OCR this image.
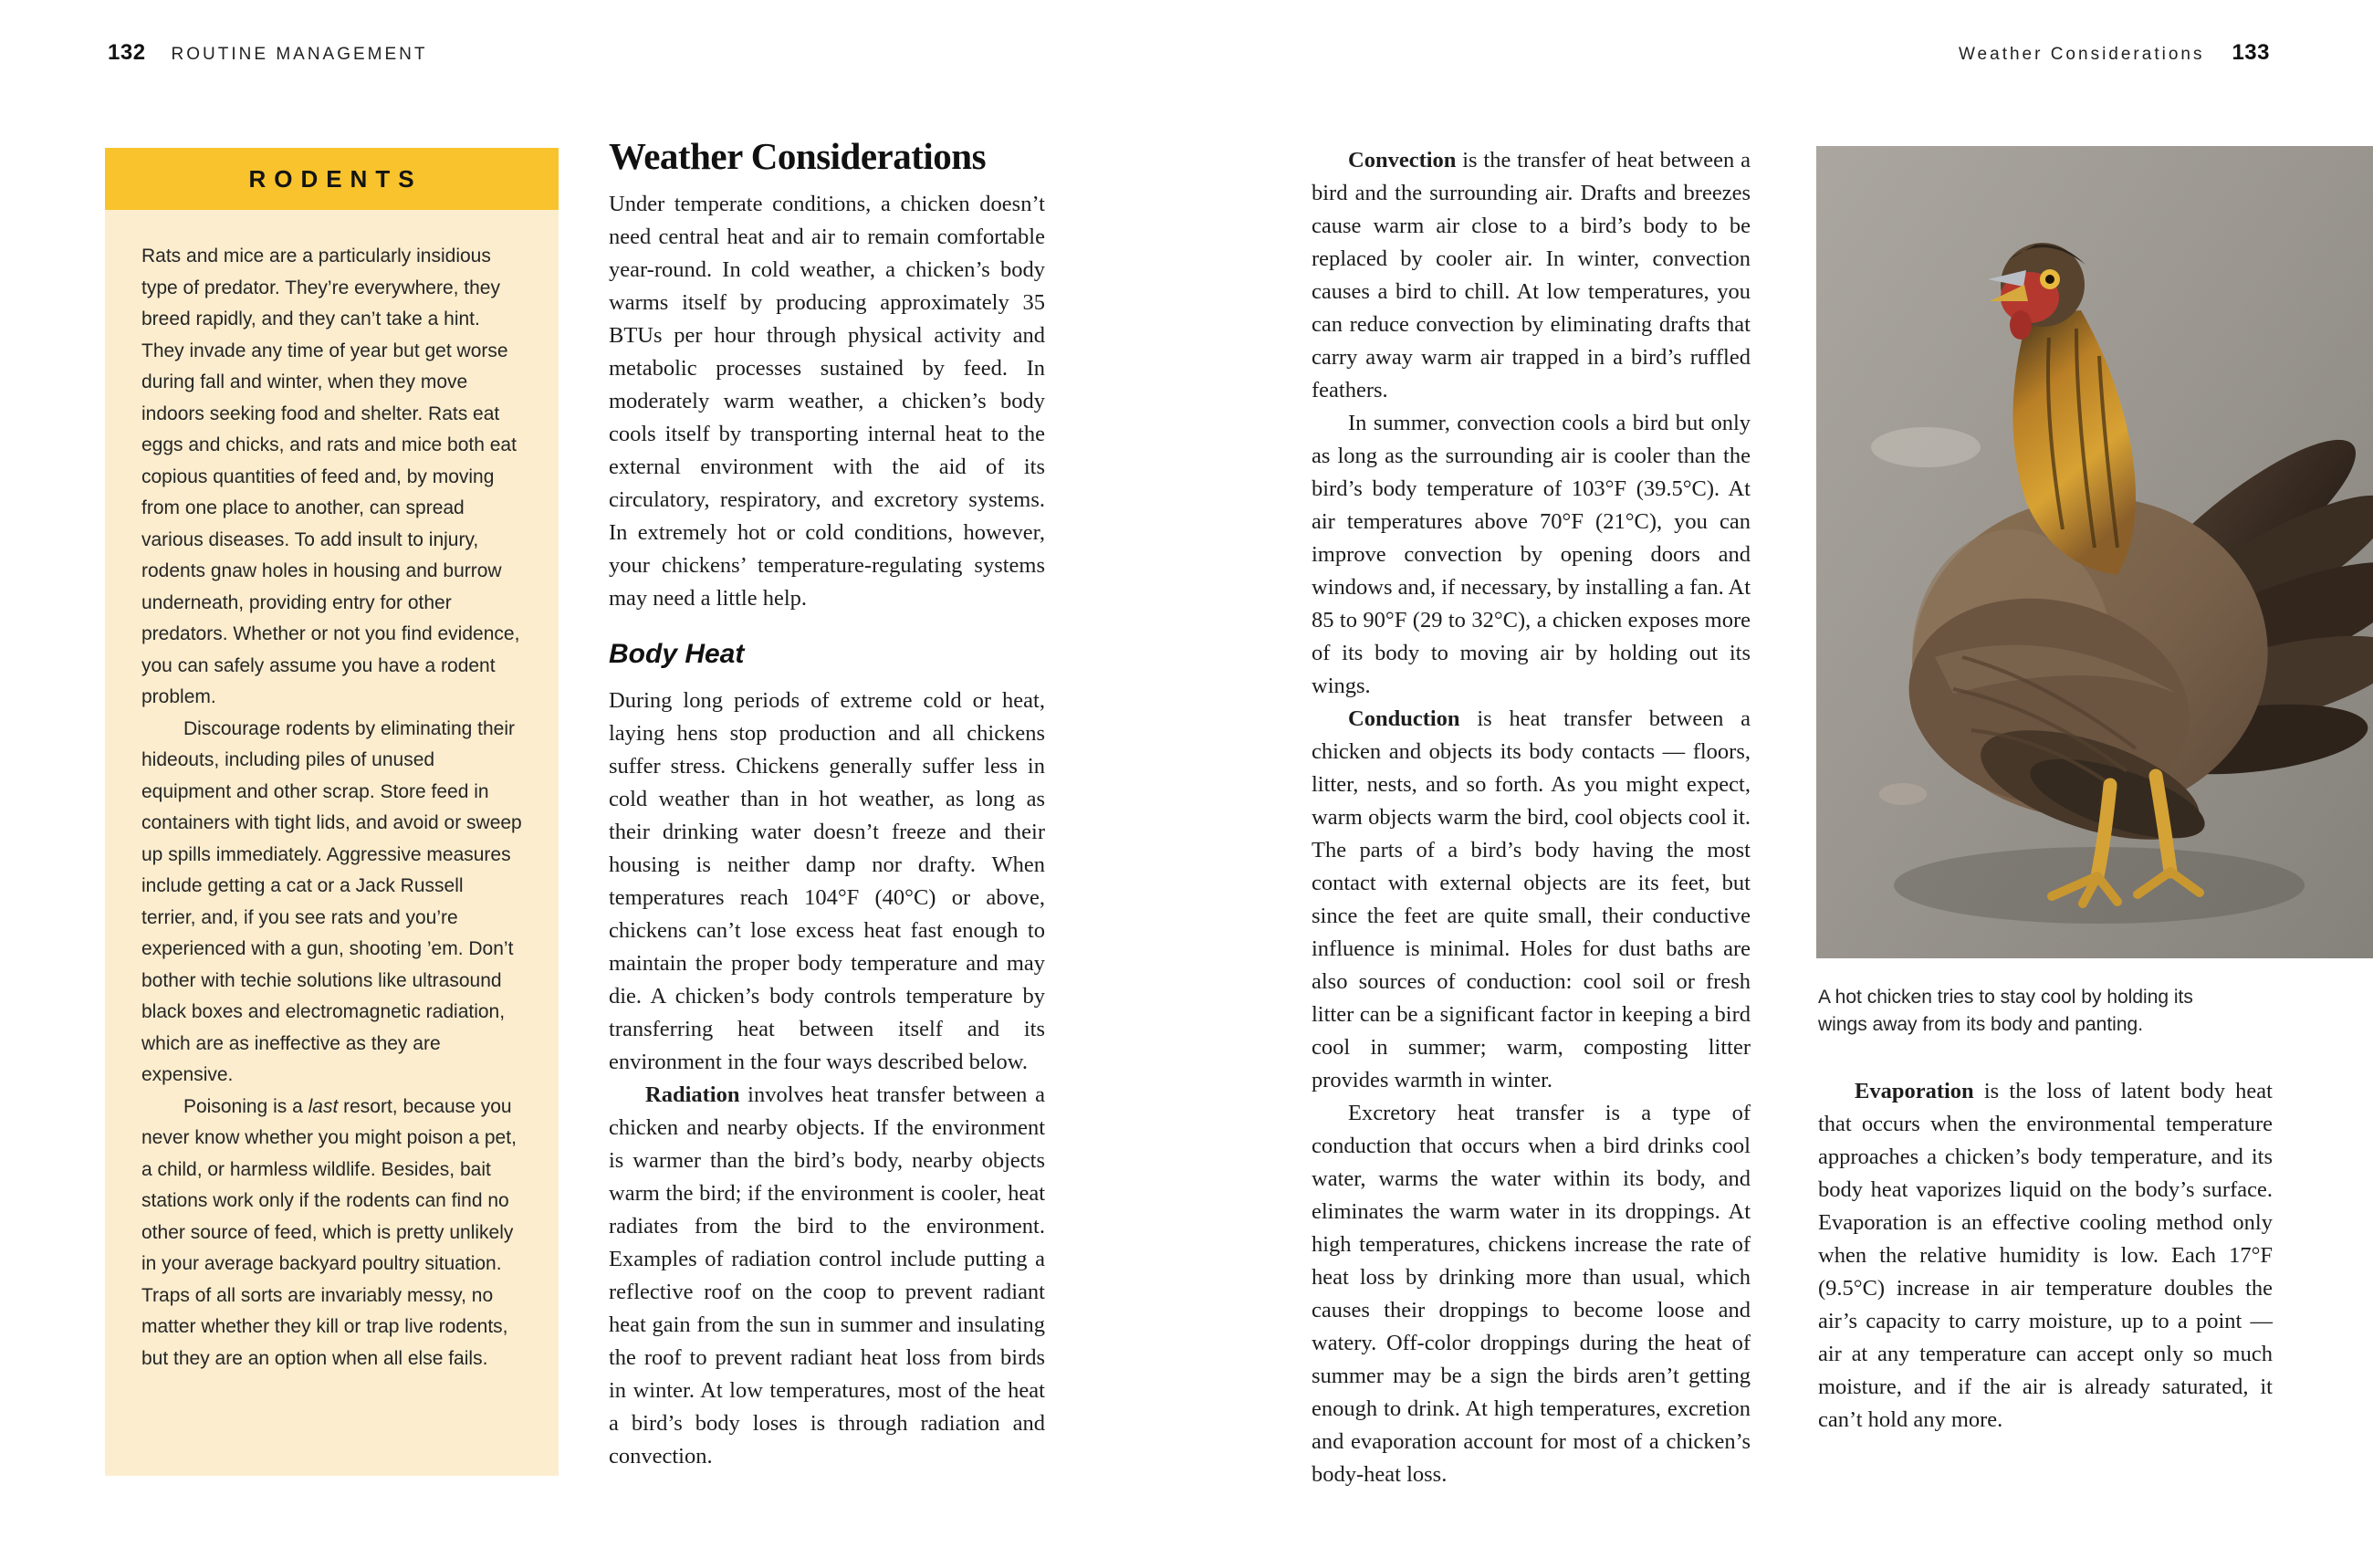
132 ROUTINE MANAGEMENT	Weather Considerations 133
RODENTS

Rats and mice are a particularly insidious type of predator. They’re everywhere, they breed rapidly, and they can’t take a hint. They invade any time of year but get worse during fall and winter, when they move indoors seeking food and shelter. Rats eat eggs and chicks, and rats and mice both eat copious quantities of feed and, by moving from one place to another, can spread various diseases. To add insult to injury, rodents gnaw holes in housing and burrow underneath, providing entry for other predators. Whether or not you find evidence, you can safely assume you have a rodent problem.

Discourage rodents by eliminating their hideouts, including piles of unused equipment and other scrap. Store feed in containers with tight lids, and avoid or sweep up spills immediately. Aggressive measures include getting a cat or a Jack Russell terrier, and, if you see rats and you’re experienced with a gun, shooting ’em. Don’t bother with techie solutions like ultrasound black boxes and electromagnetic radiation, which are as ineffective as they are expensive.

Poisoning is a last resort, because you never know whether you might poison a pet, a child, or harmless wildlife. Besides, bait stations work only if the rodents can find no other source of feed, which is pretty unlikely in your average backyard poultry situation. Traps of all sorts are invariably messy, no matter whether they kill or trap live rodents, but they are an option when all else fails.

Weather Considerations

Under temperate conditions, a chicken doesn’t need central heat and air to remain comfortable year-round. In cold weather, a chicken’s body warms itself by producing approximately 35 BTUs per hour through physical activity and metabolic processes sustained by feed. In moderately warm weather, a chicken’s body cools itself by transporting internal heat to the external environment with the aid of its circulatory, respiratory, and excretory systems. In extremely hot or cold conditions, however, your chickens’ temperature-regulating systems may need a little help.

Body Heat

During long periods of extreme cold or heat, laying hens stop production and all chickens suffer stress. Chickens generally suffer less in cold weather than in hot weather, as long as their drinking water doesn’t freeze and their housing is neither damp nor drafty. When temperatures reach 104°F (40°C) or above, chickens can’t lose excess heat fast enough to maintain the proper body temperature and may die. A chicken’s body controls temperature by transferring heat between itself and its environment in the four ways described below.

Radiation involves heat transfer between a chicken and nearby objects. If the environment is warmer than the bird’s body, nearby objects warm the bird; if the environment is cooler, heat radiates from the bird to the environment. Examples of radiation control include putting a reflective roof on the coop to prevent radiant heat gain from the sun in summer and insulating the roof to prevent radiant heat loss from birds in winter. At low temperatures, most of the heat a bird’s body loses is through radiation and convection.

Convection is the transfer of heat between a bird and the surrounding air. Drafts and breezes cause warm air close to a bird’s body to be replaced by cooler air. In winter, convection causes a bird to chill. At low temperatures, you can reduce convection by eliminating drafts that carry away warm air trapped in a bird’s ruffled feathers.

In summer, convection cools a bird but only as long as the surrounding air is cooler than the bird’s body temperature of 103°F (39.5°C). At air temperatures above 70°F (21°C), you can improve convection by opening doors and windows and, if necessary, by installing a fan. At 85 to 90°F (29 to 32°C), a chicken exposes more of its body to moving air by holding out its wings.

Conduction is heat transfer between a chicken and objects its body contacts — floors, litter, nests, and so forth. As you might expect, warm objects warm the bird, cool objects cool it. The parts of a bird’s body having the most contact with external objects are its feet, but since the feet are quite small, their conductive influence is minimal. Holes for dust baths are also sources of conduction: cool soil or fresh litter can be a significant factor in keeping a bird cool in summer; warm, composting litter provides warmth in winter.

Excretory heat transfer is a type of conduction that occurs when a bird drinks cool water, warms the water within its body, and eliminates the warm water in its droppings. At high temperatures, chickens increase the rate of heat loss by drinking more than usual, which causes their droppings to become loose and watery. Off-color droppings during the heat of summer may be a sign the birds aren’t getting enough to drink. At high temperatures, excretion and evaporation account for most of a chicken’s body-heat loss.

A hot chicken tries to stay cool by holding its wings away from its body and panting.

Evaporation is the loss of latent body heat that occurs when the environmental temperature approaches a chicken’s body temperature, and its body heat vaporizes liquid on the body’s surface. Evaporation is an effective cooling method only when the relative humidity is low. Each 17°F (9.5°C) increase in air temperature doubles the air’s capacity to carry moisture, up to a point — air at any temperature can accept only so much moisture, and if the air is already saturated, it can’t hold any more.
